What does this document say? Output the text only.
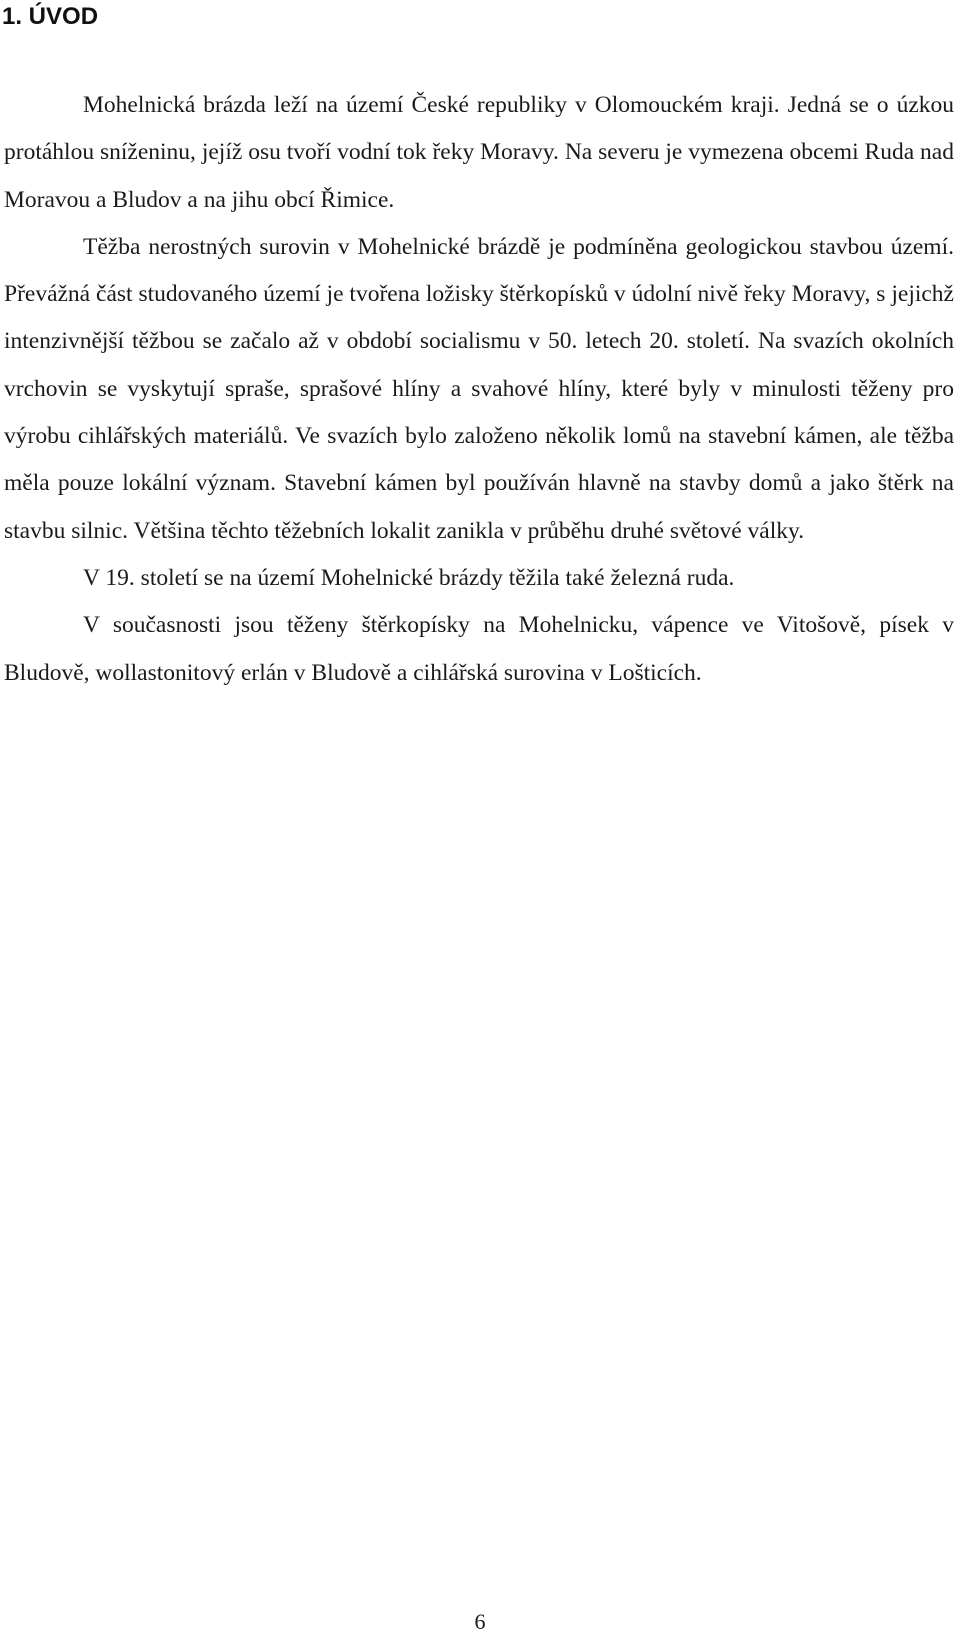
1. ÚVOD

Mohelnická brázda leží na území České republiky v Olomouckém kraji. Jedná se o úzkou protáhlou sníženinu, jejíž osu tvoří vodní tok řeky Moravy. Na severu je vymezena obcemi Ruda nad Moravou a Bludov a na jihu obcí Řimice.

Těžba nerostných surovin v Mohelnické brázdě je podmíněna geologickou stavbou území. Převážná část studovaného území je tvořena ložisky štěrkopísků v údolní nivě řeky Moravy, s jejichž intenzivnější těžbou se začalo až v období socialismu v 50. letech 20. století. Na svazích okolních vrchovin se vyskytují spraše, sprašové hlíny a svahové hlíny, které byly v minulosti těženy pro výrobu cihlářských materiálů. Ve svazích bylo založeno několik lomů na stavební kámen, ale těžba měla pouze lokální význam. Stavební kámen byl používán hlavně na stavby domů a jako štěrk na stavbu silnic. Většina těchto těžebních lokalit zanikla v průběhu druhé světové války.

V 19. století se na území Mohelnické brázdy těžila také železná ruda.

V současnosti jsou těženy štěrkopísky na Mohelnicku, vápence ve Vitošově, písek v Bludově, wollastonitový erlán v Bludově a cihlářská surovina v Lošticích.

6
